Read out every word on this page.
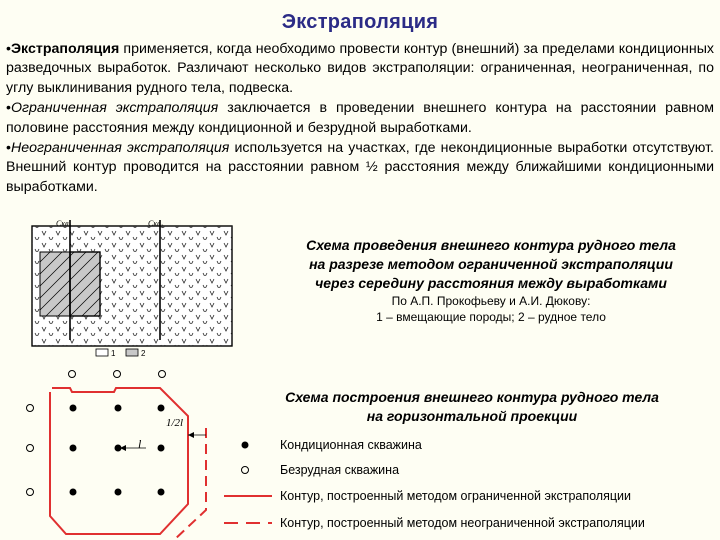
Экстраполяция

•Экстраполяция применяется, когда необходимо провести контур (внешний) за пределами кондиционных разведочных выработок. Различают несколько видов экстраполяции: ограниченная, неограниченная, по углу выклинивания рудного тела, подвеска.

•Ограниченная экстраполяция заключается в проведении внешнего контура на расстоянии равном половине расстояния между кондиционной и безрудной выработками.

•Неограниченная экстраполяция используется на участках, где некондиционные выработки отсутствуют. Внешний контур проводится на расстоянии равном ½ расстояния между ближайшими кондиционными выработками.

Скв₁	Скв₂
1	2
Схема проведения внешнего контура рудного тела
на разрезе методом ограниченной экстраполяции
через середину расстояния между выработками
По А.П. Прокофьеву и А.И. Дюкову:
1 – вмещающие породы; 2 – рудное тело
1/2l
l
Схема построения внешнего контура рудного тела
на горизонтальной проекции
Кондиционная скважина
Безрудная скважина
Контур, построенный методом ограниченной экстраполяции
Контур, построенный методом неограниченной экстраполяции
